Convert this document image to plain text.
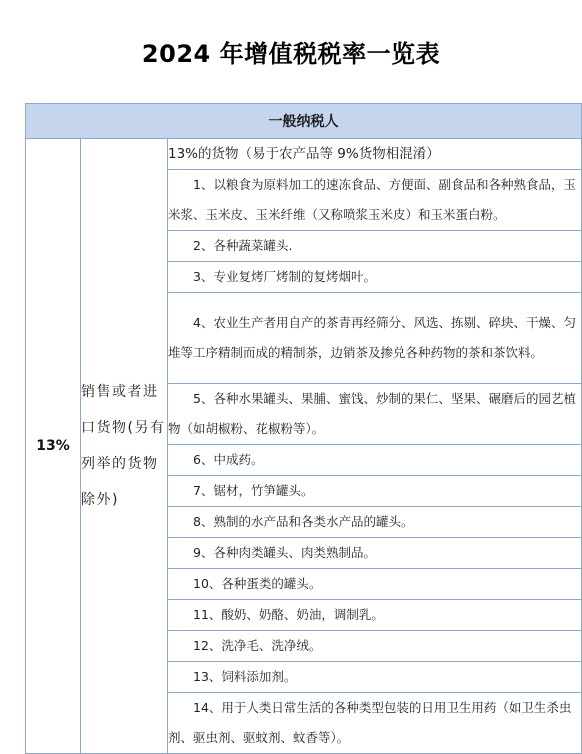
2024 年增值税税率一览表
一般纳税人
13%	销售或者进口货物(另有列举的货物除外)	13%的货物（易于农产品等 9%货物相混淆）
1、以粮食为原料加工的速冻食品、方便面、副食品和各种熟食品，玉米浆、玉米皮、玉米纤维（又称喷浆玉米皮）和玉米蛋白粉。
2、各种蔬菜罐头.
3、专业复烤厂烤制的复烤烟叶。
4、农业生产者用自产的茶青再经筛分、风选、拣剔、碎块、干燥、匀堆等工序精制而成的精制茶，边销茶及掺兑各种药物的茶和茶饮料。
5、各种水果罐头、果脯、蜜饯、炒制的果仁、坚果、碾磨后的园艺植物（如胡椒粉、花椒粉等）。
6、中成药。
7、锯材，竹笋罐头。
8、熟制的水产品和各类水产品的罐头。
9、各种肉类罐头、肉类熟制品。
10、各种蛋类的罐头。
11、酸奶、奶酪、奶油，调制乳。
12、洗净毛、洗净绒。
13、饲料添加剂。
14、用于人类日常生活的各种类型包装的日用卫生用药（如卫生杀虫剂、驱虫剂、驱蚊剂、蚊香等）。
